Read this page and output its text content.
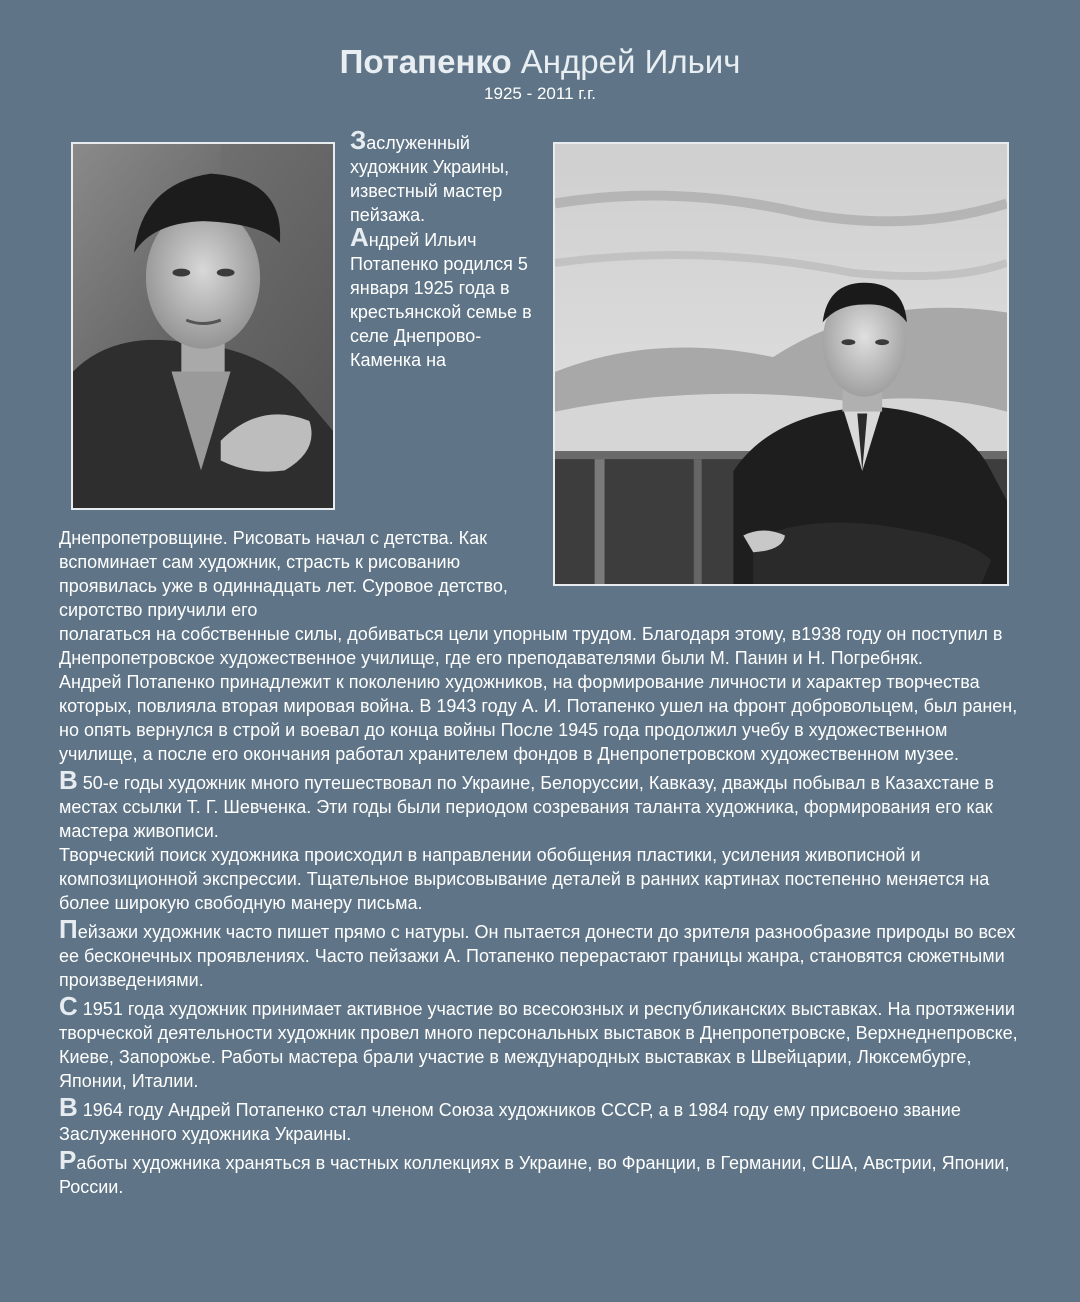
Потапенко Андрей Ильич
1925 - 2011 г.г.

Заслуженный художник Украины, известный мастер пейзажа.

Андрей Ильич Потапенко родился 5 января 1925 года в крестьянской семье в селе Днепрово-Каменка на

Днепропетровщине. Рисовать начал с детства. Как вспоминает сам художник, страсть к рисованию проявилась уже в одиннадцать лет. Суровое детство, сиротство приучили его

полагаться на собственные силы, добиваться цели упорным трудом. Благодаря этому, в1938 году он поступил в Днепропетровское художественное училище, где его преподавателями были М. Панин и Н. Погребняк.

Андрей Потапенко принадлежит к поколению художников, на формирование личности и характер творчества которых, повлияла вторая мировая война. В 1943 году А. И. Потапенко ушел на фронт добровольцем, был ранен, но опять вернулся в строй и воевал до конца войны После 1945 года продолжил учебу в художественном училище, а после его окончания работал хранителем фондов в Днепропетровском художественном музее.

В 50-е годы художник много путешествовал по Украине, Белоруссии, Кавказу, дважды побывал в Казахстане в местах ссылки Т. Г. Шевченка. Эти годы были периодом созревания таланта художника, формирования его как мастера живописи.

Творческий поиск художника происходил в направлении обобщения пластики, усиления живописной и композиционной экспрессии. Тщательное вырисовывание деталей в ранних картинах постепенно меняется на более широкую свободную манеру письма.

Пейзажи художник часто пишет прямо с натуры. Он пытается донести до зрителя разнообразие природы во всех ее бесконечных проявлениях. Часто пейзажи А. Потапенко перерастают границы жанра, становятся сюжетными произведениями.

С 1951 года художник принимает активное участие во всесоюзных и республиканских выставках. На протяжении творческой деятельности художник провел много персональных выставок в Днепропетровске, Верхнеднепровске, Киеве, Запорожье. Работы мастера брали участие в международных выставках в Швейцарии, Люксембурге, Японии, Италии.

В 1964 году Андрей Потапенко стал членом Союза художников СССР, а в 1984 году ему присвоено звание Заслуженного художника Украины.

Работы художника храняться в частных коллекциях в Украине, во Франции, в Германии, США, Австрии, Японии, России.
